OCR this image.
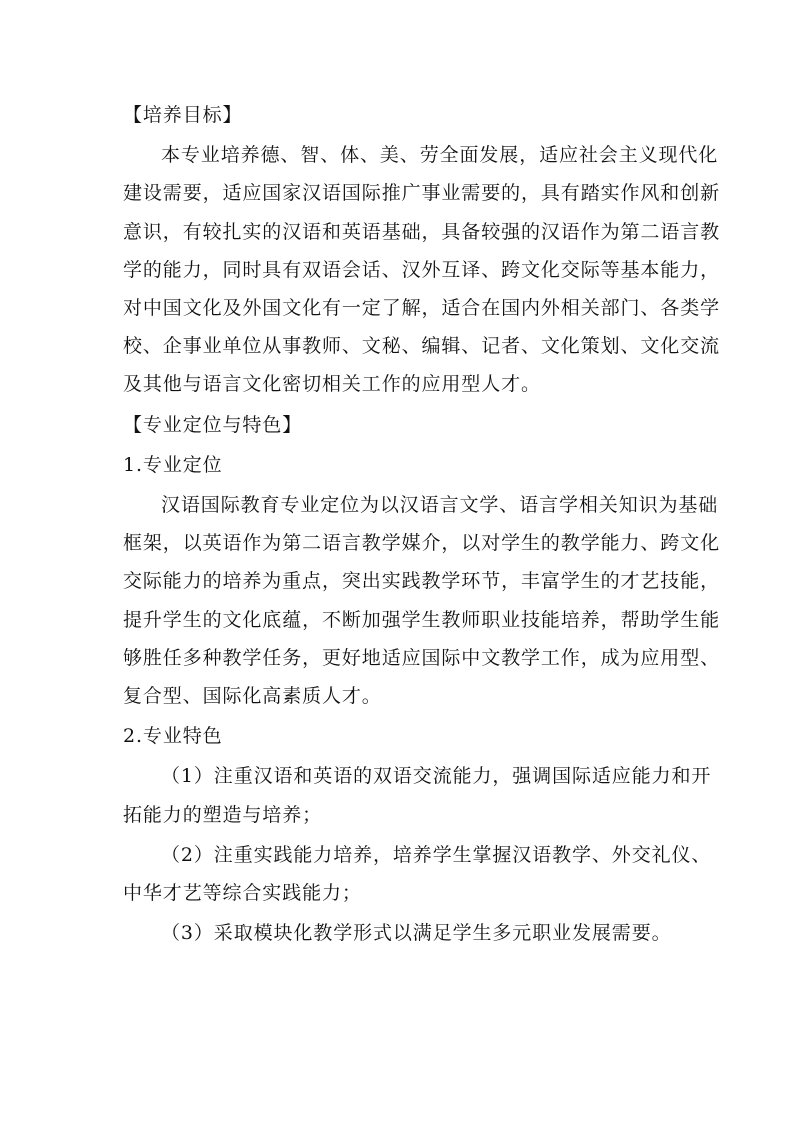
【培养目标】

本专业培养德、智、体、美、劳全面发展，适应社会主义现代化
建设需要，适应国家汉语国际推广事业需要的，具有踏实作风和创新
意识，有较扎实的汉语和英语基础，具备较强的汉语作为第二语言教
学的能力，同时具有双语会话、汉外互译、跨文化交际等基本能力，
对中国文化及外国文化有一定了解，适合在国内外相关部门、各类学
校、企事业单位从事教师、文秘、编辑、记者、文化策划、文化交流
及其他与语言文化密切相关工作的应用型人才。

【专业定位与特色】

1.专业定位

汉语国际教育专业定位为以汉语言文学、语言学相关知识为基础
框架，以英语作为第二语言教学媒介，以对学生的教学能力、跨文化
交际能力的培养为重点，突出实践教学环节，丰富学生的才艺技能，
提升学生的文化底蕴，不断加强学生教师职业技能培养，帮助学生能
够胜任多种教学任务，更好地适应国际中文教学工作，成为应用型、
复合型、国际化高素质人才。

2.专业特色

（1）注重汉语和英语的双语交流能力，强调国际适应能力和开
拓能力的塑造与培养；
（2）注重实践能力培养，培养学生掌握汉语教学、外交礼仪、
中华才艺等综合实践能力；
（3）采取模块化教学形式以满足学生多元职业发展需要。
